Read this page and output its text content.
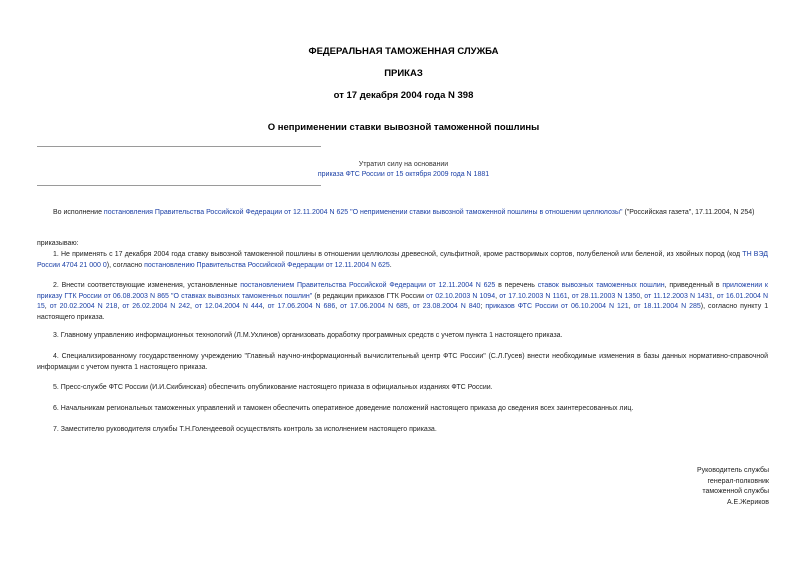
ФЕДЕРАЛЬНАЯ ТАМОЖЕННАЯ СЛУЖБА
ПРИКАЗ
от 17 декабря 2004 года N 398
О неприменении ставки вывозной таможенной пошлины
Утратил силу на основании
приказа ФТС России от 15 октября 2009 года N 1881
Во исполнение постановления Правительства Российской Федерации от 12.11.2004 N 625 "О неприменении ставки вывозной таможенной пошлины в отношении целлюлозы" ("Российская газета", 17.11.2004, N 254)
приказываю:
1. Не применять с 17 декабря 2004 года ставку вывозной таможенной пошлины в отношении целлюлозы древесной, сульфитной, кроме растворимых сортов, полубеленой или беленой, из хвойных пород (код ТН ВЭД России 4704 21 000 0), согласно постановлению Правительства Российской Федерации от 12.11.2004 N 625.
2. Внести соответствующие изменения, установленные постановлением Правительства Российской Федерации от 12.11.2004 N 625 в перечень ставок вывозных таможенных пошлин, приведенный в приложении к приказу ГТК России от 06.08.2003 N 865 "О ставках вывозных таможенных пошлин" (в редакции приказов ГТК России от 02.10.2003 N 1094, от 17.10.2003 N 1161, от 28.11.2003 N 1350, от 11.12.2003 N 1431, от 16.01.2004 N 15, от 20.02.2004 N 218, от 26.02.2004 N 242, от 12.04.2004 N 444, от 17.06.2004 N 686, от 17.06.2004 N 685, от 23.08.2004 N 840; приказов ФТС России от 06.10.2004 N 121, от 18.11.2004 N 285), согласно пункту 1 настоящего приказа.
3. Главному управлению информационных технологий (Л.М.Ухлинов) организовать доработку программных средств с учетом пункта 1 настоящего приказа.
4. Специализированному государственному учреждению "Главный научно-информационный вычислительный центр ФТС России" (С.Л.Гусев) внести необходимые изменения в базы данных нормативно-справочной информации с учетом пункта 1 настоящего приказа.
5. Пресс-службе ФТС России (И.И.Скибинская) обеспечить опубликование настоящего приказа в официальных изданиях ФТС России.
6. Начальникам региональных таможенных управлений и таможен обеспечить оперативное доведение положений настоящего приказа до сведения всех заинтересованных лиц.
7. Заместителю руководителя службы Т.Н.Голендеевой осуществлять контроль за исполнением настоящего приказа.
Руководитель службы
генерал-полковник
таможенной службы
А.Е.Жериков
